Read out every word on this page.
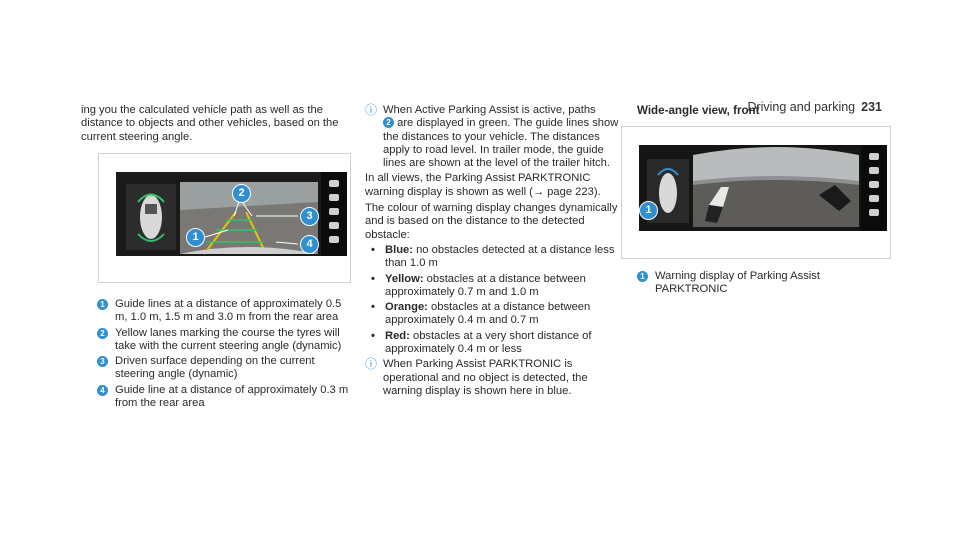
Driving and parking 231

ing you the calculated vehicle path as well as the distance to objects and other vehicles, based on the current steering angle.

1
2
3
4
1 Guide lines at a distance of approximately 0.5 m, 1.0 m, 1.5 m and 3.0 m from the rear area
2 Yellow lanes marking the course the tyres will take with the current steering angle (dynamic)
3 Driven surface depending on the current steering angle (dynamic)
4 Guide line at a distance of approximately 0.3 m from the rear area
ⓘ When Active Parking Assist is active, paths
2 are displayed in green. The guide lines show the distances to your vehicle. The distances apply to road level. In trailer mode, the guide lines are shown at the level of the trailer hitch.

In all views, the Parking Assist PARKTRONIC warning display is shown as well (→ page 223).

The colour of warning display changes dynamically and is based on the distance to the detected obstacle:

• Blue: no obstacles detected at a distance less than 1.0 m
• Yellow: obstacles at a distance between approximately 0.7 m and 1.0 m
• Orange: obstacles at a distance between approximately 0.4 m and 0.7 m
• Red: obstacles at a very short distance of approximately 0.4 m or less
ⓘ When Parking Assist PARKTRONIC is operational and no object is detected, the warning display is shown here in blue.
Wide-angle view, front
1
1 Warning display of Parking Assist PARKTRONIC
